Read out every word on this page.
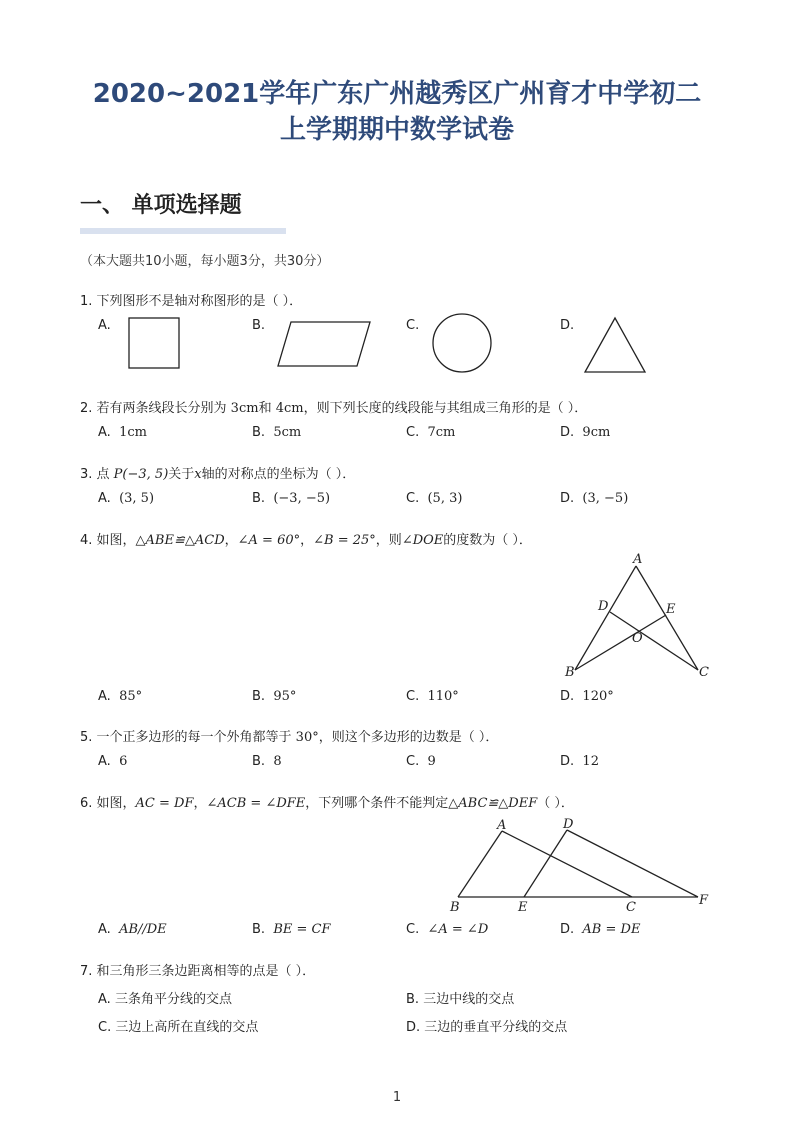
2020~2021学年广东广州越秀区广州育才中学初二
上学期期中数学试卷
一、 单项选择题
（本大题共10小题，每小题3分，共30分）
1. 下列图形不是轴对称图形的是（ ）．
A.	B.	C.	D.
2. 若有两条线段长分别为 3cm和 4cm，则下列长度的线段能与其组成三角形的是（ ）．
A. 1cm	B. 5cm	C. 7cm	D. 9cm
3. 点 P(−3, 5)关于x轴的对称点的坐标为（ ）．
A. (3, 5)	B. (−3, −5)	C. (5, 3)	D. (3, −5)
4. 如图，△ABE≌△ACD，∠A = 60°，∠B = 25°，则∠DOE的度数为（ ）．
A
B	C
D	E
O
A. 85°	B. 95°	C. 110°	D. 120°
5. 一个正多边形的每一个外角都等于 30°，则这个多边形的边数是（ ）．
A. 6	B. 8	C. 9	D. 12
6. 如图，AC = DF，∠ACB = ∠DFE，下列哪个条件不能判定△ABC≌△DEF（ ）．
A	D
B	E	C	F
A. AB//DE	B. BE = CF	C. ∠A = ∠D	D. AB = DE
7. 和三角形三条边距离相等的点是（ ）．
A. 三条角平分线的交点	B. 三边中线的交点
C. 三边上高所在直线的交点	D. 三边的垂直平分线的交点
1
